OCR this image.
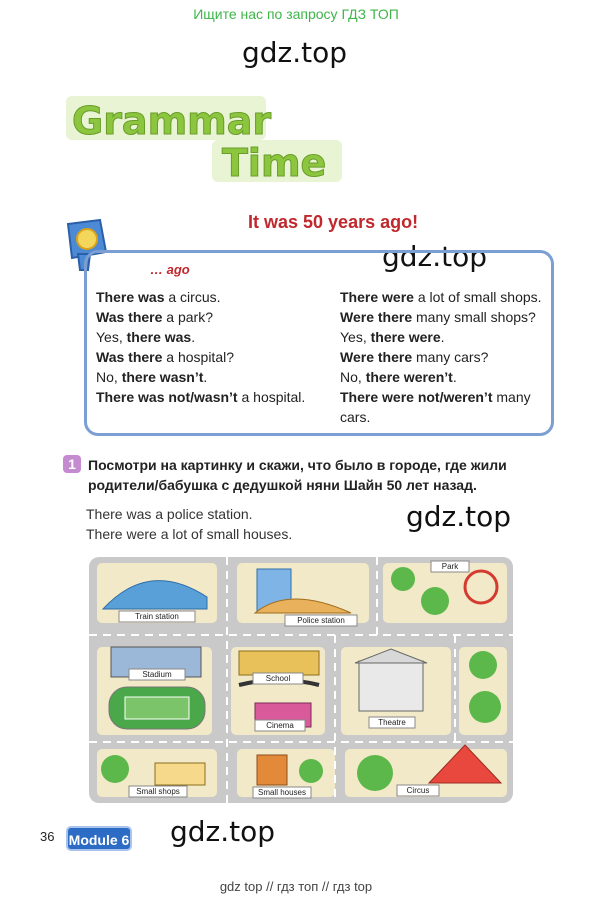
Ищите нас по запросу ГДЗ ТОП
gdz.top
gdz.top
gdz.top
gdz.top
Grammar
Time
It was 50 years ago!
… ago
There was a circus.
Was there a park?
Yes, there was.
Was there a hospital?
No, there wasn’t.
There was not/wasn’t a hospital.
There were a lot of small shops.
Were there many small shops?
Yes, there were.
Were there many cars?
No, there weren’t.
There were not/weren’t many cars.
1 Посмотри на картинку и скажи, что было в городе, где жили родители/бабушка с дедушкой няни Шайн 50 лет назад.
There was a police station.
There were a lot of small houses.
Train station	Police station
Park
Stadium	School
Cinema	Theatre
Small shops	Small houses	Circus
36 Module 6
gdz top // гдз топ // гдз top
